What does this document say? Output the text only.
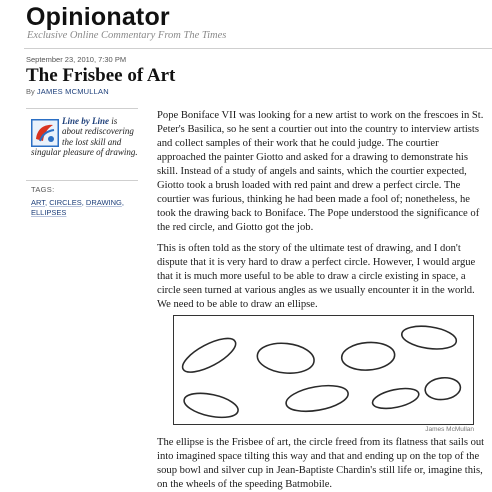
Opinionator
Exclusive Online Commentary From The Times
September 23, 2010, 7:30 PM
The Frisbee of Art
By JAMES MCMULLAN
Line by Line is about rediscovering the lost skill and singular pleasure of drawing.
TAGS:
ART, CIRCLES, DRAWING,
ELLIPSES

Pope Boniface VII was looking for a new artist to work on the frescoes in St. Peter's Basilica, so he sent a courtier out into the country to interview artists and collect samples of their work that he could judge. The courtier approached the painter Giotto and asked for a drawing to demonstrate his skill. Instead of a study of angels and saints, which the courtier expected, Giotto took a brush loaded with red paint and drew a perfect circle. The courtier was furious, thinking he had been made a fool of; nonetheless, he took the drawing back to Boniface. The Pope understood the significance of the red circle, and Giotto got the job.

This is often told as the story of the ultimate test of drawing, and I don't dispute that it is very hard to draw a perfect circle. However, I would argue that it is much more useful to be able to draw a circle existing in space, a circle seen turned at various angles as we usually encounter it in the world. We need to be able to draw an ellipse.

James McMullan

The ellipse is the Frisbee of art, the circle freed from its flatness that sails out into imagined space tilting this way and that and ending up on the top of the soup bowl and silver cup in Jean-Baptiste Chardin's still life or, imagine this, on the wheels of the speeding Batmobile.
